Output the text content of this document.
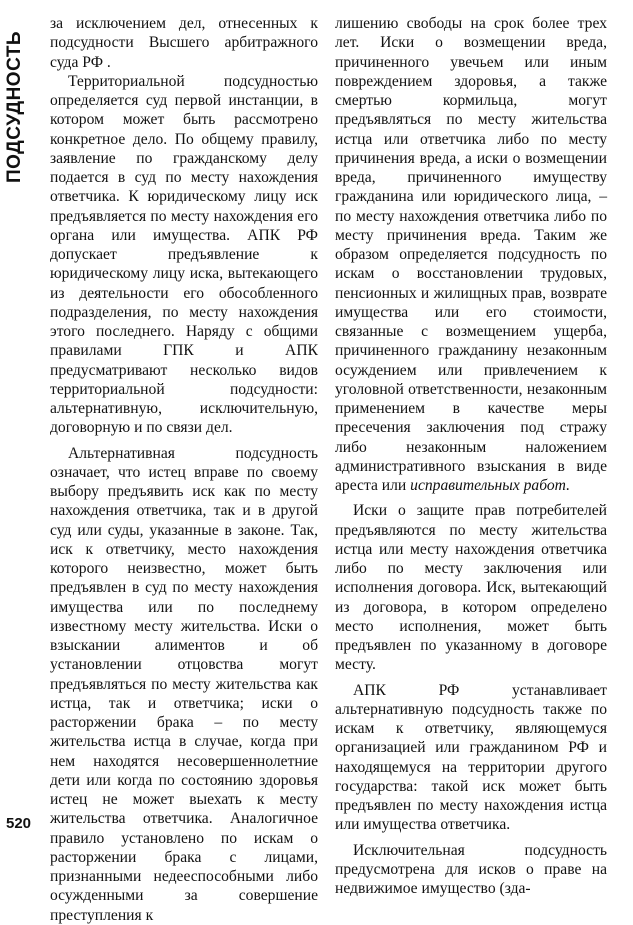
ПОДСУДНОСТЬ

за исключением дел, отнесенных к подсудности Высшего арбитражного суда РФ .

Территориальной подсудностью определяется суд первой инстанции, в котором может быть рассмотрено конкретное дело. По общему правилу, заявление по гражданскому делу подается в суд по месту нахождения ответчика. К юридическому лицу иск предъявляется по месту нахождения его органа или имущества. АПК РФ допускает предъявление к юридическому лицу иска, вытекающего из деятельности его обособленного подразделения, по месту нахождения этого последнего. Наряду с общими правилами ГПК и АПК предусматривают несколько видов территориальной подсудности: альтернативную, исключительную, договорную и по связи дел.

Альтернативная подсудность означает, что истец вправе по своему выбору предъявить иск как по месту нахождения ответчика, так и в другой суд или суды, указанные в законе. Так, иск к ответчику, место нахождения которого неизвестно, может быть предъявлен в суд по месту нахождения имущества или по последнему известному месту жительства. Иски о взыскании алиментов и об установлении отцовства могут предъявляться по месту жительства как истца, так и ответчика; иски о расторжении брака – по месту жительства истца в случае, когда при нем находятся несовершеннолетние дети или когда по состоянию здоровья истец не может выехать к месту жительства ответчика. Аналогичное правило установлено по искам о расторжении брака с лицами, признанными недееспособными либо осужденными за совершение преступления к

лишению свободы на срок более трех лет. Иски о возмещении вреда, причиненного увечьем или иным повреждением здоровья, а также смертью кормильца, могут предъявляться по месту жительства истца или ответчика либо по месту причинения вреда, а иски о возмещении вреда, причиненного имуществу гражданина или юридического лица, – по месту нахождения ответчика либо по месту причинения вреда. Таким же образом определяется подсудность по искам о восстановлении трудовых, пенсионных и жилищных прав, возврате имущества или его стоимости, связанные с возмещением ущерба, причиненного гражданину незаконным осуждением или привлечением к уголовной ответственности, незаконным применением в качестве меры пресечения заключения под стражу либо незаконным наложением административного взыскания в виде ареста или исправительных работ.

Иски о защите прав потребителей предъявляются по месту жительства истца или месту нахождения ответчика либо по месту заключения или исполнения договора. Иск, вытекающий из договора, в котором определено место исполнения, может быть предъявлен по указанному в договоре месту.

АПК РФ устанавливает альтернативную подсудность также по искам к ответчику, являющемуся организацией или гражданином РФ и находящемуся на территории другого государства: такой иск может быть предъявлен по месту нахождения истца или имущества ответчика.

Исключительная подсудность предусмотрена для исков о праве на недвижимое имущество (зда-

520
